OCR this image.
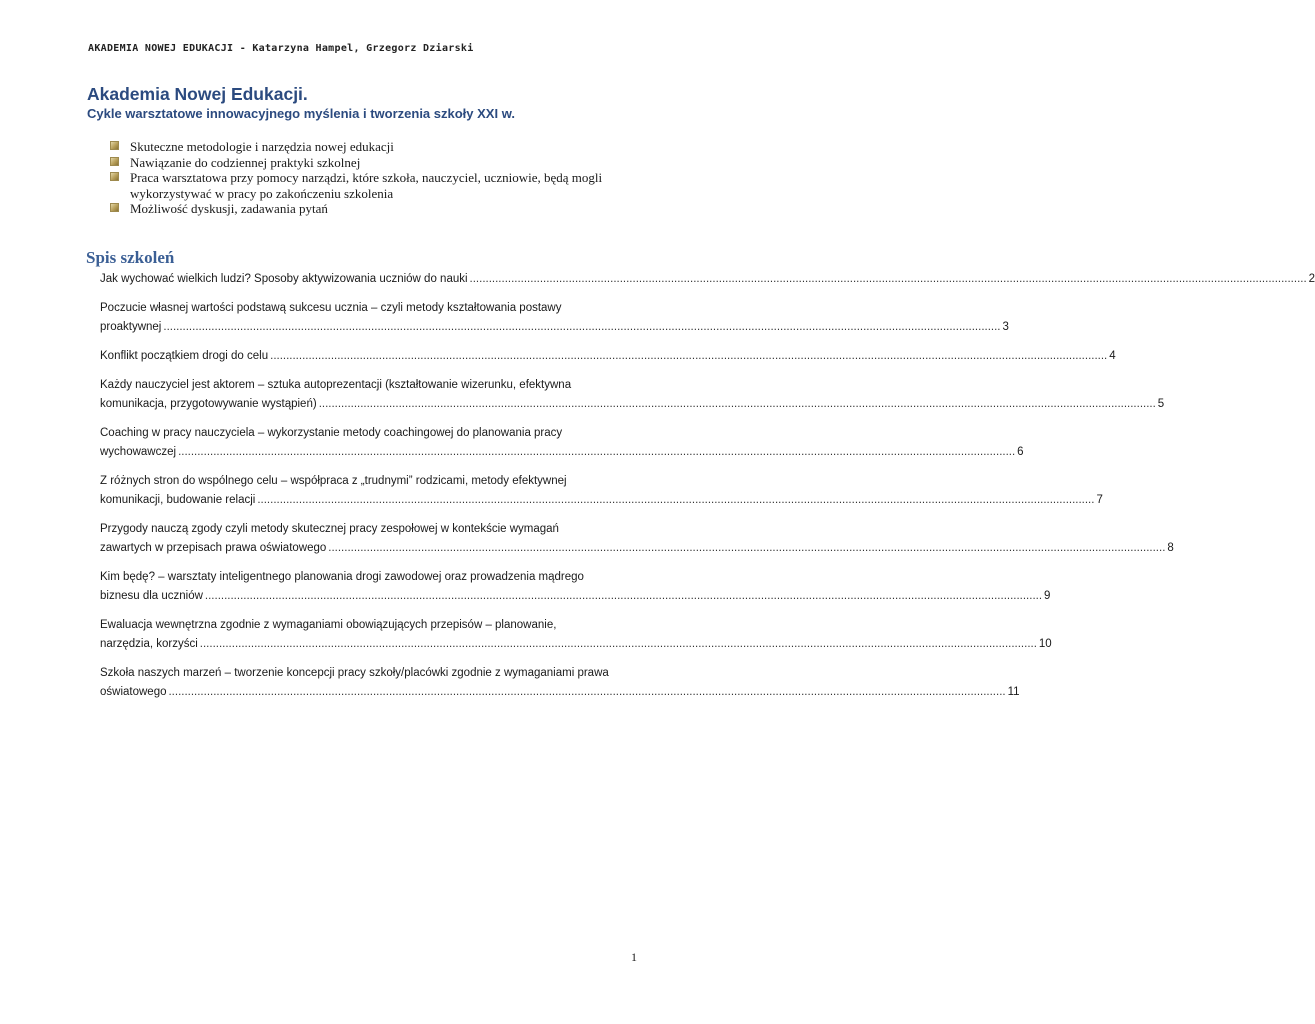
AKADEMIA NOWEJ EDUKACJI - Katarzyna Hampel, Grzegorz Dziarski
Akademia Nowej Edukacji.
Cykle warsztatowe innowacyjnego myślenia i tworzenia szkoły XXI w.
Skuteczne metodologie i narzędzia nowej edukacji
Nawiązanie do codziennej praktyki szkolnej
Praca warsztatowa przy pomocy narządzi, które szkoła, nauczyciel, uczniowie, będą mogli wykorzystywać w pracy po zakończeniu szkolenia
Możliwość dyskusji, zadawania pytań
Spis szkoleń
Jak wychować wielkich ludzi? Sposoby aktywizowania uczniów do nauki .....	2
Poczucie własnej wartości podstawą sukcesu ucznia – czyli metody kształtowania postawy
proaktywnej .....	3
Konflikt początkiem drogi do celu .....	4
Każdy nauczyciel jest aktorem – sztuka autoprezentacji (kształtowanie wizerunku, efektywna
komunikacja, przygotowywanie wystąpień) .....	5
Coaching w pracy nauczyciela – wykorzystanie metody coachingowej do planowania pracy
wychowawczej .....	6
Z różnych stron do wspólnego celu – współpraca z „trudnymi” rodzicami, metody efektywnej
komunikacji, budowanie relacji .....	7
Przygody nauczą zgody czyli metody skutecznej pracy zespołowej w kontekście wymagań
zawartych w przepisach prawa oświatowego .....	8
Kim będę? – warsztaty inteligentnego planowania drogi zawodowej oraz prowadzenia mądrego
biznesu dla uczniów .....	9
Ewaluacja wewnętrzna zgodnie z wymaganiami obowiązujących przepisów – planowanie,
narzędzia, korzyści .....	10
Szkoła naszych marzeń – tworzenie koncepcji pracy szkoły/placówki zgodnie z wymaganiami prawa
oświatowego .....	11
1
